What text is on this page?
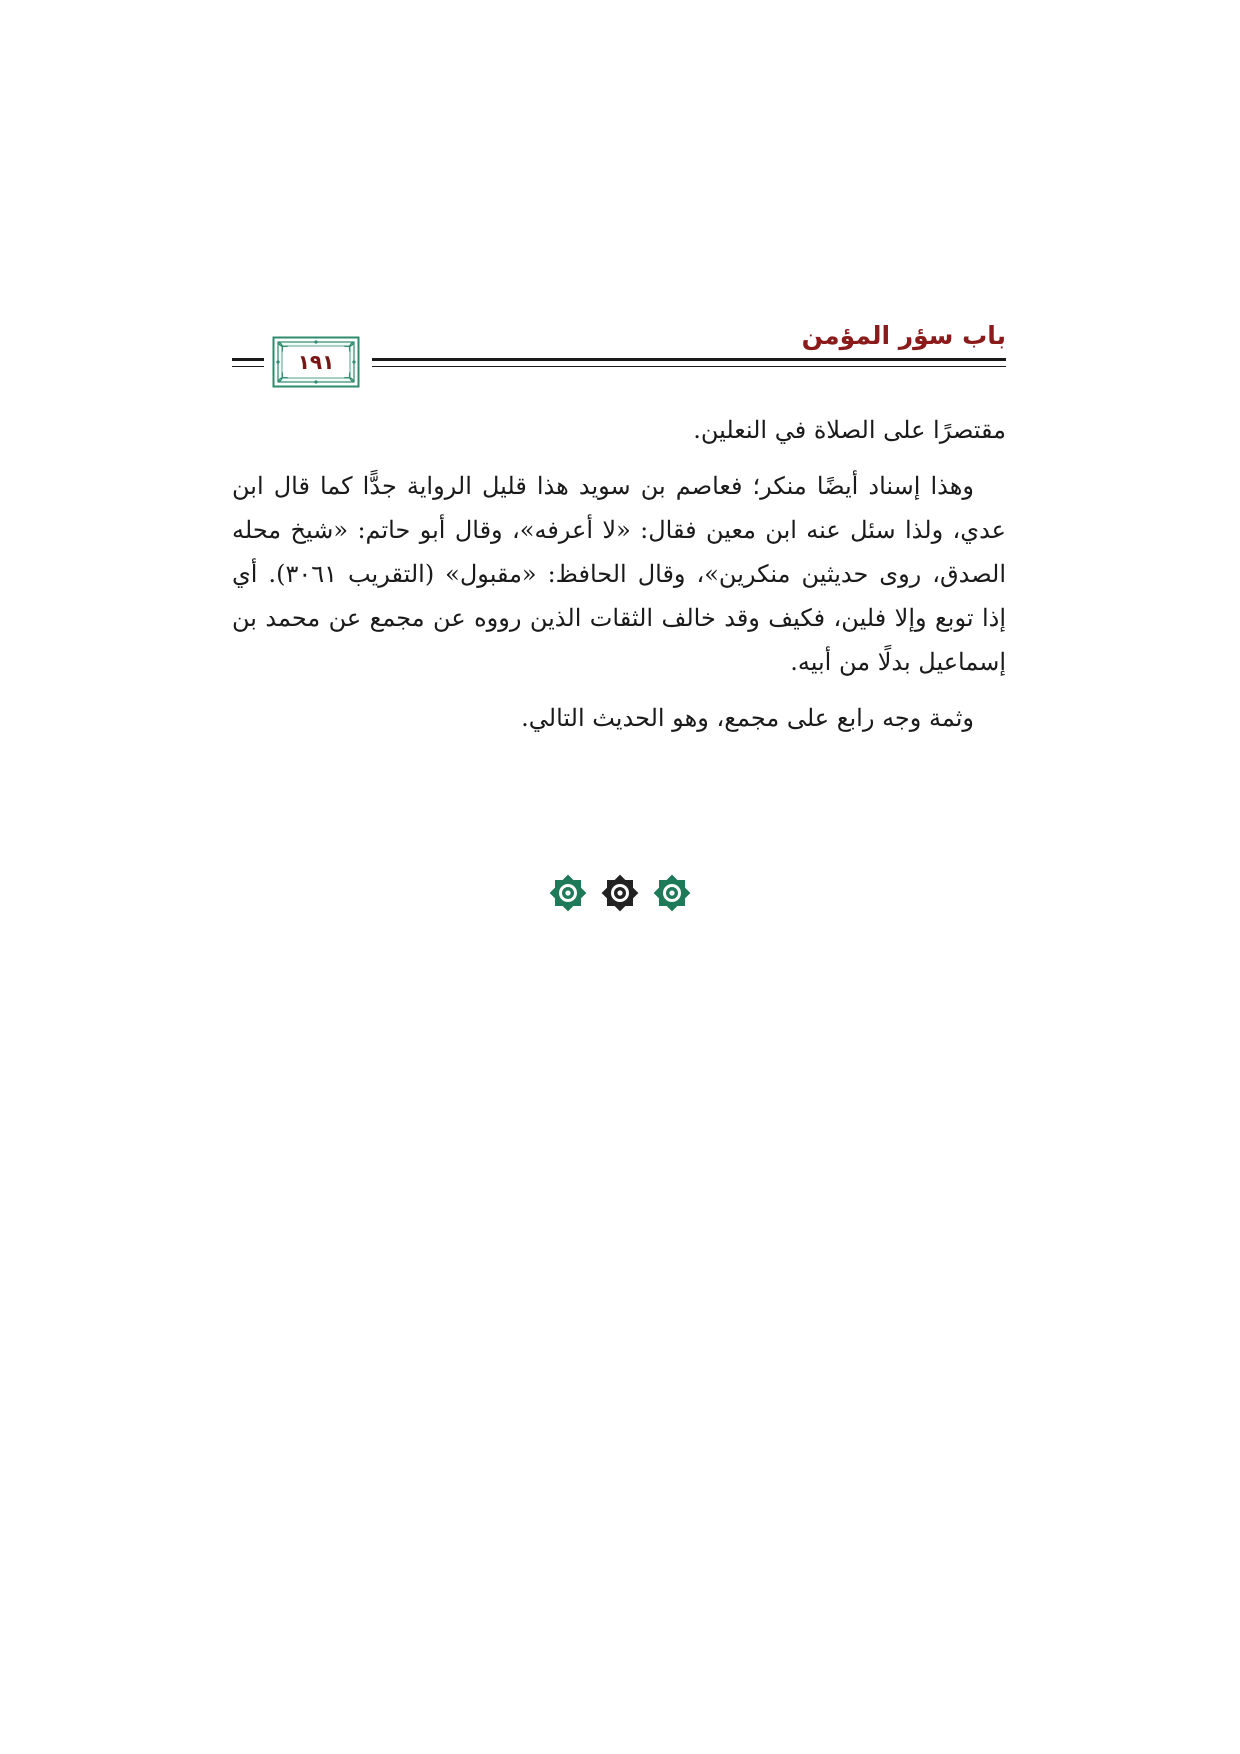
باب سؤر المؤمن
١٩١

مقتصرًا على الصلاة في النعلين.

وهذا إسناد أيضًا منكر؛ فعاصم بن سويد هذا قليل الرواية جدًّا كما قال ابن عدي، ولذا سئل عنه ابن معين فقال: «لا أعرفه»، وقال أبو حاتم: «شيخ محله الصدق، روى حديثين منكرين»، وقال الحافظ: «مقبول» (التقريب ٣٠٦١). أي إذا توبع وإلا فلين، فكيف وقد خالف الثقات الذين رووه عن مجمع عن محمد بن إسماعيل بدلًا من أبيه.

وثمة وجه رابع على مجمع، وهو الحديث التالي.
